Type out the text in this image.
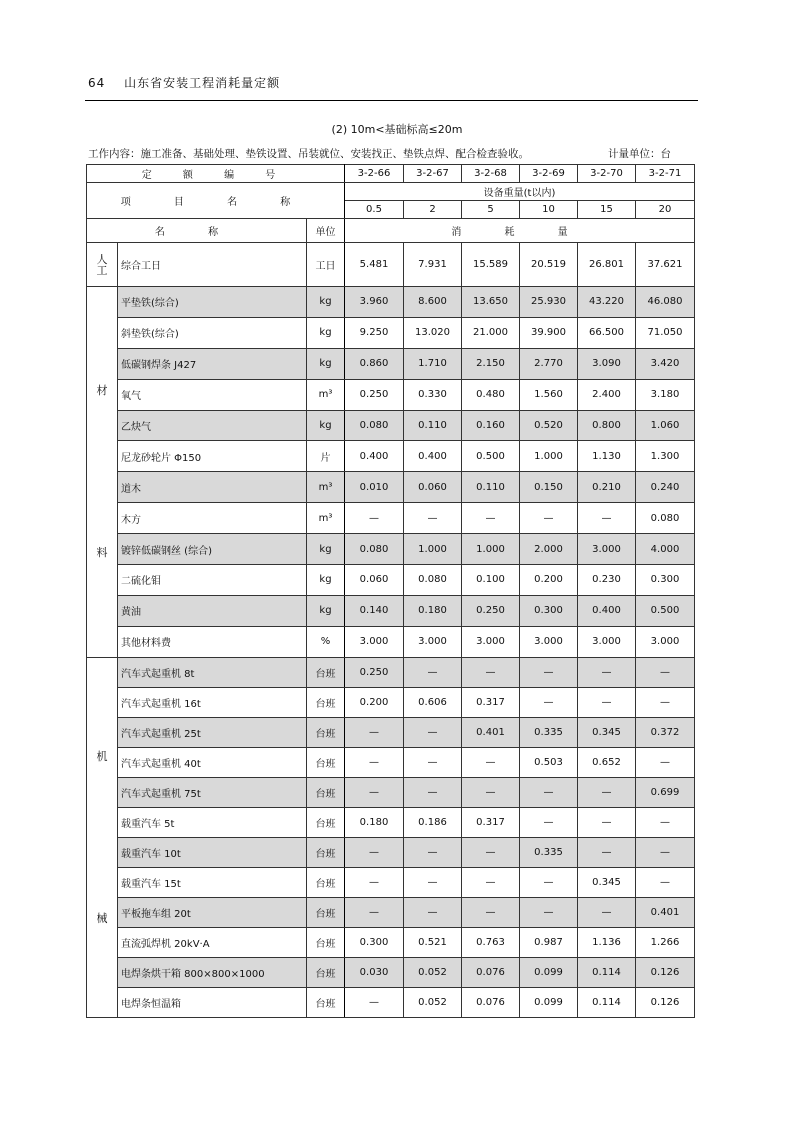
64 山东省安装工程消耗量定额
(2) 10m<基础标高≤20m
工作内容：施工准备、基础处理、垫铁设置、吊装就位、安装找正、垫铁点焊、配合检查验收。	计量单位：台
定 额 编 号			3-2-66	3-2-67	3-2-68	3-2-69	3-2-70	3-2-71
项 目 名 称			设备重量(t以内)					
			0.5	2	5	10	15	20
名 称		单位	消 耗 量					

人
工	综合工日	工日	5.481	7.931	15.589	20.519	26.801	37.621

材
料	平垫铁(综合)	kg	3.960	8.600	13.650	25.930	43.220	46.080
	斜垫铁(综合)	kg	9.250	13.020	21.000	39.900	66.500	71.050
	低碳钢焊条 J427	kg	0.860	1.710	2.150	2.770	3.090	3.420
	氧气	m³	0.250	0.330	0.480	1.560	2.400	3.180
	乙炔气	kg	0.080	0.110	0.160	0.520	0.800	1.060
	尼龙砂轮片 Φ150	片	0.400	0.400	0.500	1.000	1.130	1.300
	道木	m³	0.010	0.060	0.110	0.150	0.210	0.240
	木方	m³	—	—	—	—	—	0.080
	镀锌低碳钢丝 (综合)	kg	0.080	1.000	1.000	2.000	3.000	4.000
	二硫化钼	kg	0.060	0.080	0.100	0.200	0.230	0.300
	黄油	kg	0.140	0.180	0.250	0.300	0.400	0.500
	其他材料费	%	3.000	3.000	3.000	3.000	3.000	3.000

机
械	汽车式起重机 8t	台班	0.250	—	—	—	—	—
	汽车式起重机 16t	台班	0.200	0.606	0.317	—	—	—
	汽车式起重机 25t	台班	—	—	0.401	0.335	0.345	0.372
	汽车式起重机 40t	台班	—	—	—	0.503	0.652	—
	汽车式起重机 75t	台班	—	—	—	—	—	0.699
	载重汽车 5t	台班	0.180	0.186	0.317	—	—	—
	载重汽车 10t	台班	—	—	—	0.335	—	—
	载重汽车 15t	台班	—	—	—	—	0.345	—
	平板拖车组 20t	台班	—	—	—	—	—	0.401
	直流弧焊机 20kV·A	台班	0.300	0.521	0.763	0.987	1.136	1.266
	电焊条烘干箱 800×800×1000	台班	0.030	0.052	0.076	0.099	0.114	0.126
	电焊条恒温箱	台班	—	0.052	0.076	0.099	0.114	0.126
